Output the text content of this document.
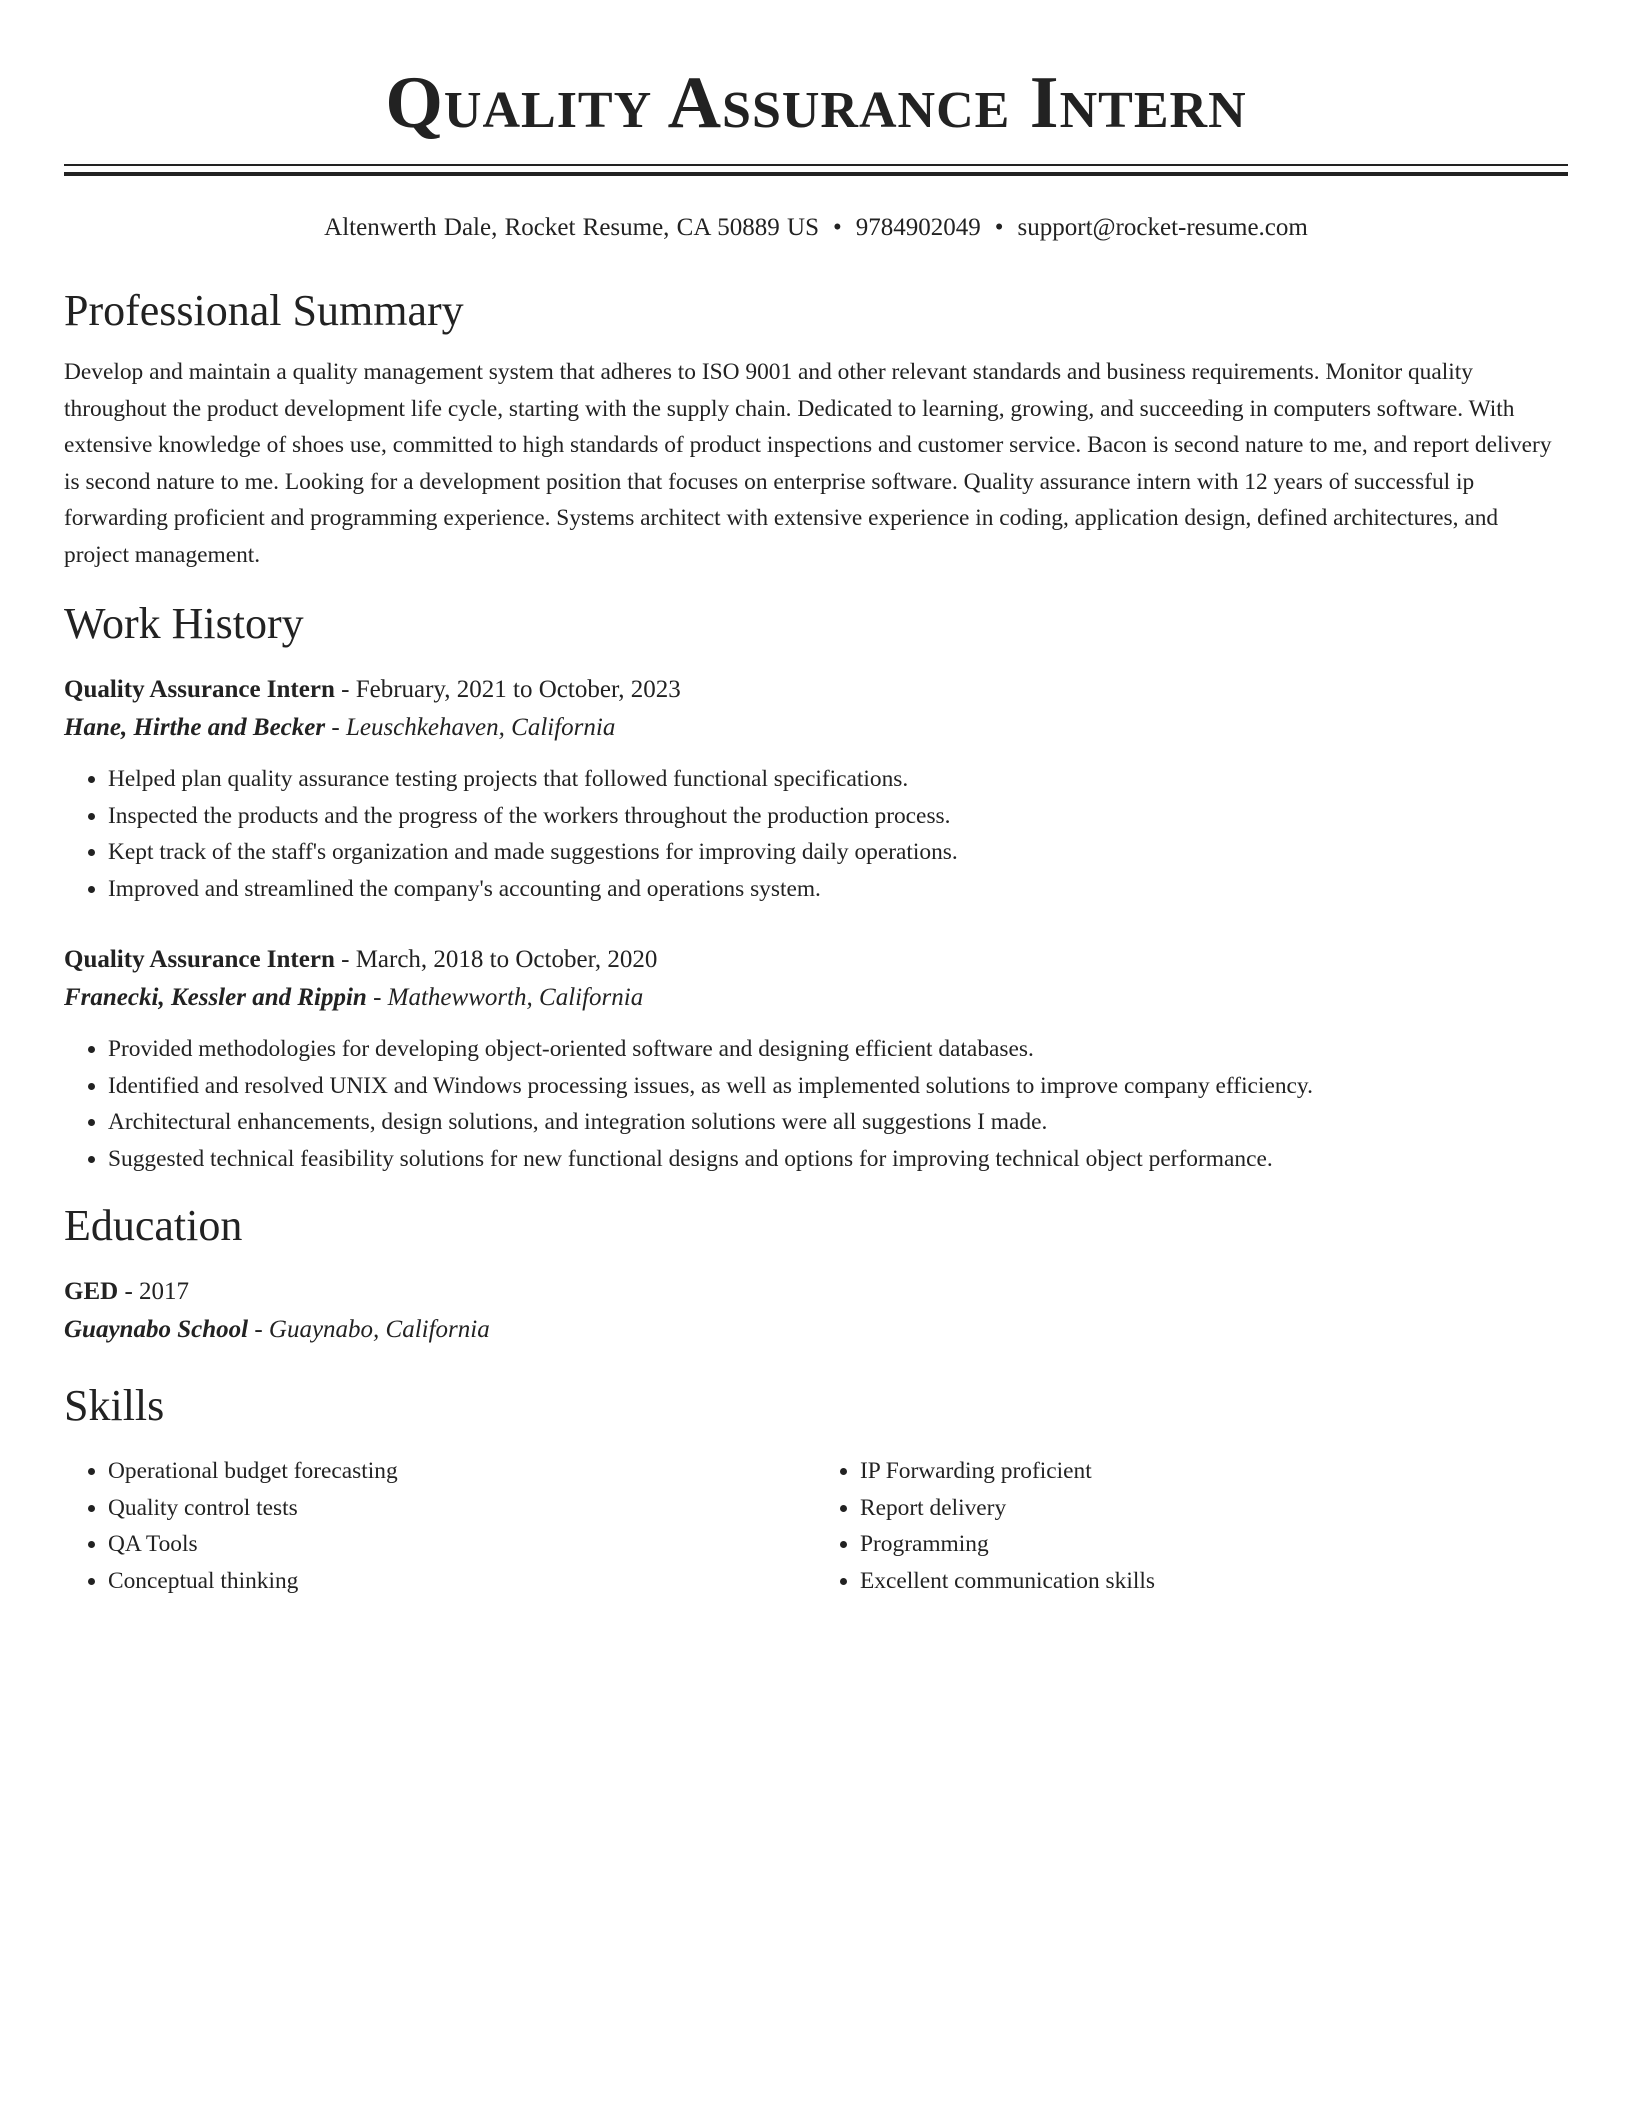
Quality Assurance Intern
Altenwerth Dale, Rocket Resume, CA 50889 US • 9784902049 • support@rocket-resume.com
Professional Summary

Develop and maintain a quality management system that adheres to ISO 9001 and other relevant standards and business requirements. Monitor quality throughout the product development life cycle, starting with the supply chain. Dedicated to learning, growing, and succeeding in computers software. With extensive knowledge of shoes use, committed to high standards of product inspections and customer service. Bacon is second nature to me, and report delivery is second nature to me. Looking for a development position that focuses on enterprise software. Quality assurance intern with 12 years of successful ip forwarding proficient and programming experience. Systems architect with extensive experience in coding, application design, defined architectures, and project management.

Work History
Quality Assurance Intern - February, 2021 to October, 2023
Hane, Hirthe and Becker - Leuschkehaven, California
• Helped plan quality assurance testing projects that followed functional specifications.
• Inspected the products and the progress of the workers throughout the production process.
• Kept track of the staff's organization and made suggestions for improving daily operations.
• Improved and streamlined the company's accounting and operations system.
Quality Assurance Intern - March, 2018 to October, 2020
Franecki, Kessler and Rippin - Mathewworth, California
• Provided methodologies for developing object-oriented software and designing efficient databases.
• Identified and resolved UNIX and Windows processing issues, as well as implemented solutions to improve company efficiency.
• Architectural enhancements, design solutions, and integration solutions were all suggestions I made.
• Suggested technical feasibility solutions for new functional designs and options for improving technical object performance.
Education
GED - 2017
Guaynabo School - Guaynabo, California
Skills
• Operational budget forecasting
• Quality control tests
• QA Tools
• Conceptual thinking
• IP Forwarding proficient
• Report delivery
• Programming
• Excellent communication skills
